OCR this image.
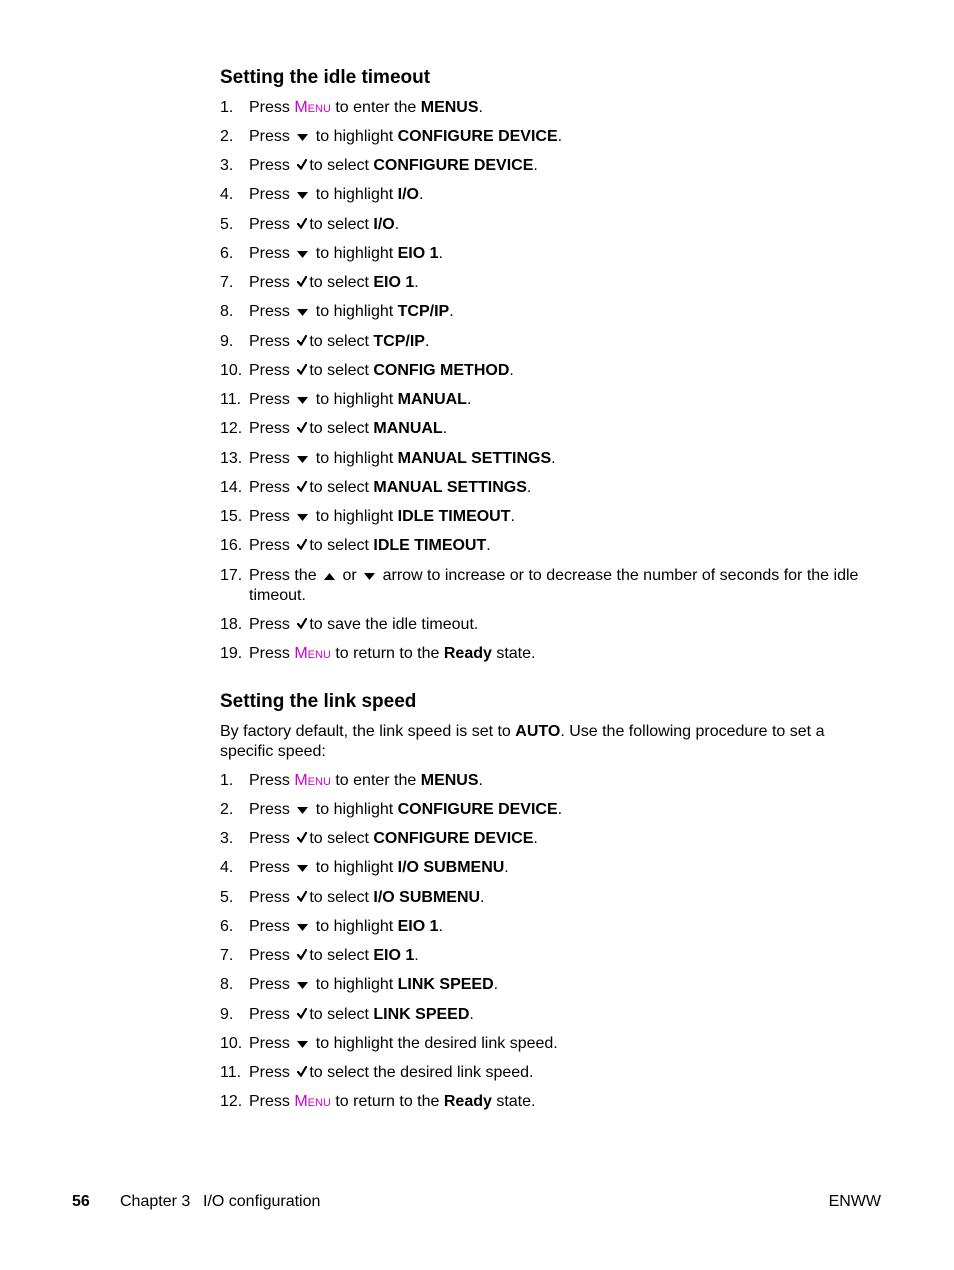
Setting the idle timeout
1. Press Menu to enter the MENUS.
2. Press  to highlight CONFIGURE DEVICE.
3. Press to select CONFIGURE DEVICE.
4. Press  to highlight I/O.
5. Press to select I/O.
6. Press  to highlight EIO 1.
7. Press to select EIO 1.
8. Press  to highlight TCP/IP.
9. Press to select TCP/IP.
10. Press to select CONFIG METHOD.
11. Press  to highlight MANUAL.
12. Press to select MANUAL.
13. Press  to highlight MANUAL SETTINGS.
14. Press to select MANUAL SETTINGS.
15. Press  to highlight IDLE TIMEOUT.
16. Press to select IDLE TIMEOUT.
17. Press the  or  arrow to increase or to decrease the number of seconds for the idle timeout.
18. Press to save the idle timeout.
19. Press Menu to return to the Ready state.
Setting the link speed

By factory default, the link speed is set to AUTO. Use the following procedure to set a specific speed:

1. Press Menu to enter the MENUS.
2. Press  to highlight CONFIGURE DEVICE.
3. Press to select CONFIGURE DEVICE.
4. Press  to highlight I/O SUBMENU.
5. Press to select I/O SUBMENU.
6. Press  to highlight EIO 1.
7. Press to select EIO 1.
8. Press  to highlight LINK SPEED.
9. Press to select LINK SPEED.
10. Press  to highlight the desired link speed.
11. Press to select the desired link speed.
12. Press Menu to return to the Ready state.
56 Chapter 3 I/O configuration	ENWW
